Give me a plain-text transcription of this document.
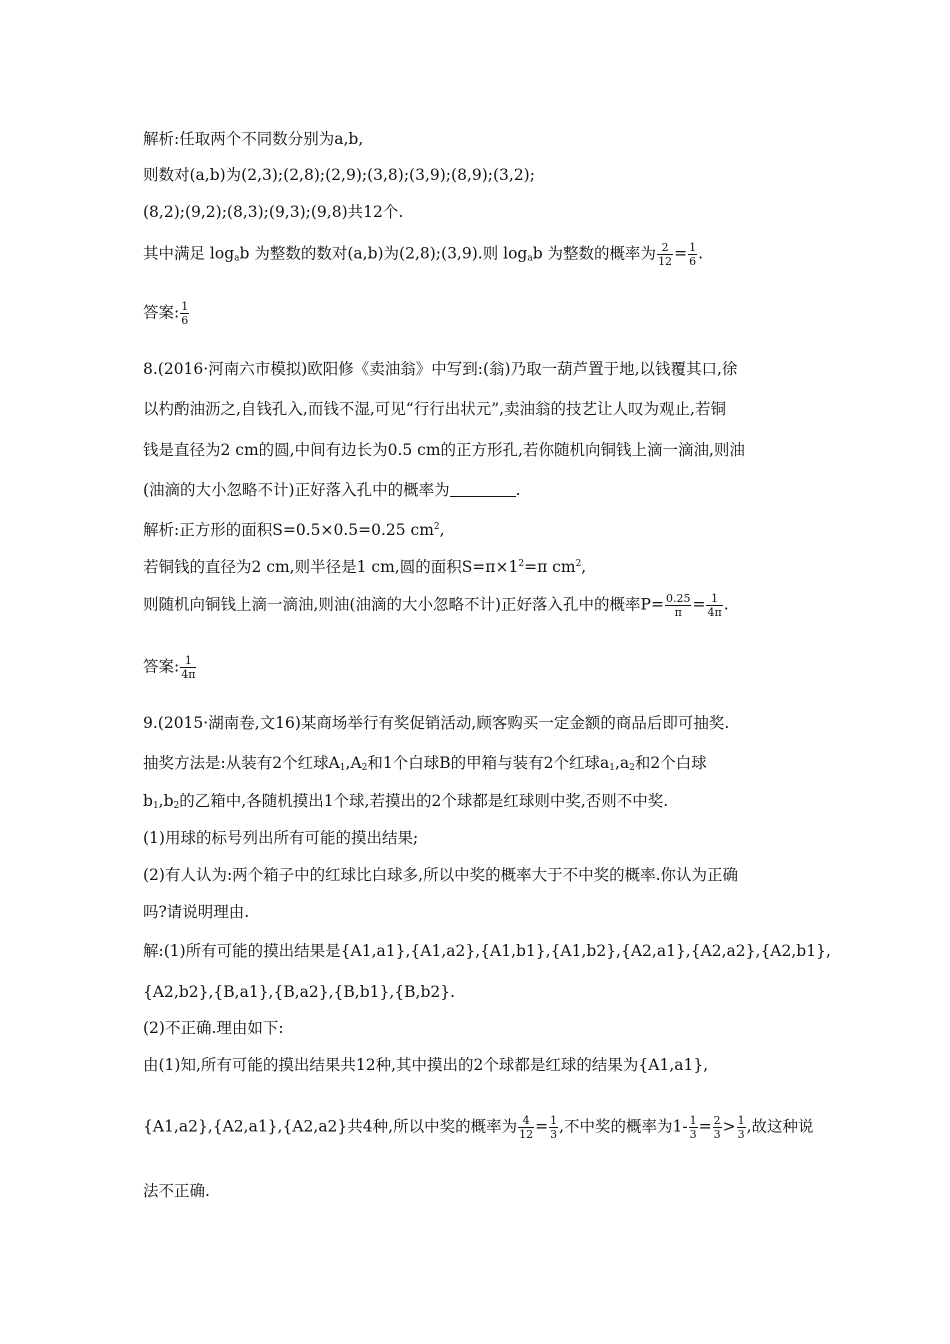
解析:任取两个不同数分别为a,b,
则数对(a,b)为(2,3);(2,8);(2,9);(3,8);(3,9);(8,9);(3,2);
(8,2);(9,2);(8,3);(9,3);(9,8)共12个.
其中满足 $\log_ab$ 为整数的数对(a,b)为(2,8);(3,9).则 $\log_ab$ 为整数的概率为 $\frac{2}{12} = \frac{1}{6}$ .
答案: $\frac{1}{6}$
8.(2016·河南六市模拟)欧阳修《卖油翁》中写到:(翁)乃取一葫芦置于地,以钱覆其口,徐
以杓酌油沥之,自钱孔入,而钱不湿,可见“行行出状元”,卖油翁的技艺让人叹为观止,若铜
钱是直径为2 cm的圆,中间有边长为0.5 cm的正方形孔,若你随机向铜钱上滴一滴油,则油
(油滴的大小忽略不计)正好落入孔中的概率为	.
解析:正方形的面积S=0.5×0.5=0.25 $cm^2$,
若铜钱的直径为2 cm,则半径是1 cm,圆的面积$S=\pi\times 1^2=\pi$ $cm^2$,
则随机向铜钱上滴一滴油,则油(油滴的大小忽略不计)正好落入孔中的概率$P= \frac{0.25}{\pi} = \frac{1}{4\pi}$ .
答案: $\frac{1}{4\pi}$
9.(2015·湖南卷,文16)某商场举行有奖促销活动,顾客购买一定金额的商品后即可抽奖.
抽奖方法是:从装有2个红球$A_1,A_2$和1个白球B的甲箱与装有2个红球$a_1,a_2$和2个白球
$b_1,b_2$的乙箱中,各随机摸出1个球,若摸出的2个球都是红球则中奖,否则不中奖.
(1)用球的标号列出所有可能的摸出结果;
(2)有人认为:两个箱子中的红球比白球多,所以中奖的概率大于不中奖的概率.你认为正确
吗?请说明理由.
解:(1)所有可能的摸出结果是{A1,a1},{A1,a2},{A1,b1},{A1,b2},{A2,a1},{A2,a2},{A2,b1},
{A2,b2},{B,a1},{B,a2},{B,b1},{B,b2}.
(2)不正确.理由如下:
由(1)知,所有可能的摸出结果共12种,其中摸出的2个球都是红球的结果为{A1,a1},
{A1,a2},{A2,a1},{A2,a2}共4种,所以中奖的概率为 $\frac{4}{12} = \frac{1}{3}$ ,不中奖的概率为$1- \frac{1}{3} = \frac{2}{3} > \frac{1}{3}$ ,故这种说
法不正确.
